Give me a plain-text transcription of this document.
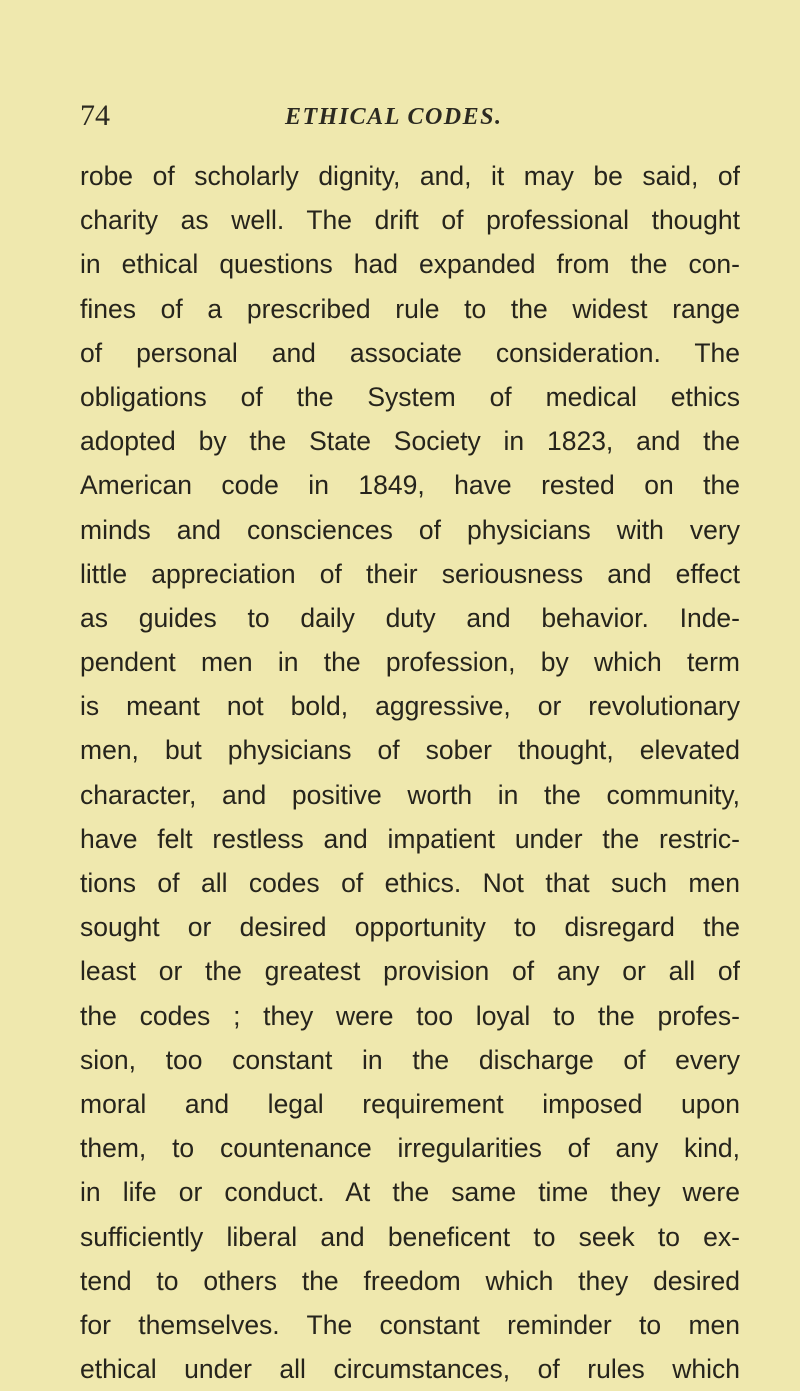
74	ETHICAL CODES.
robe of scholarly dignity, and, it may be said, of
charity as well. The drift of professional thought
in ethical questions had expanded from the con-
fines of a prescribed rule to the widest range
of personal and associate consideration. The
obligations of the System of medical ethics
adopted by the State Society in 1823, and the
American code in 1849, have rested on the
minds and consciences of physicians with very
little appreciation of their seriousness and effect
as guides to daily duty and behavior. Inde-
pendent men in the profession, by which term
is meant not bold, aggressive, or revolutionary
men, but physicians of sober thought, elevated
character, and positive worth in the community,
have felt restless and impatient under the restric-
tions of all codes of ethics. Not that such men
sought or desired opportunity to disregard the
least or the greatest provision of any or all of
the codes ; they were too loyal to the profes-
sion, too constant in the discharge of every
moral and legal requirement imposed upon
them, to countenance irregularities of any kind,
in life or conduct. At the same time they were
sufficiently liberal and beneficent to seek to ex-
tend to others the freedom which they desired
for themselves. The constant reminder to men
ethical under all circumstances, of rules which
